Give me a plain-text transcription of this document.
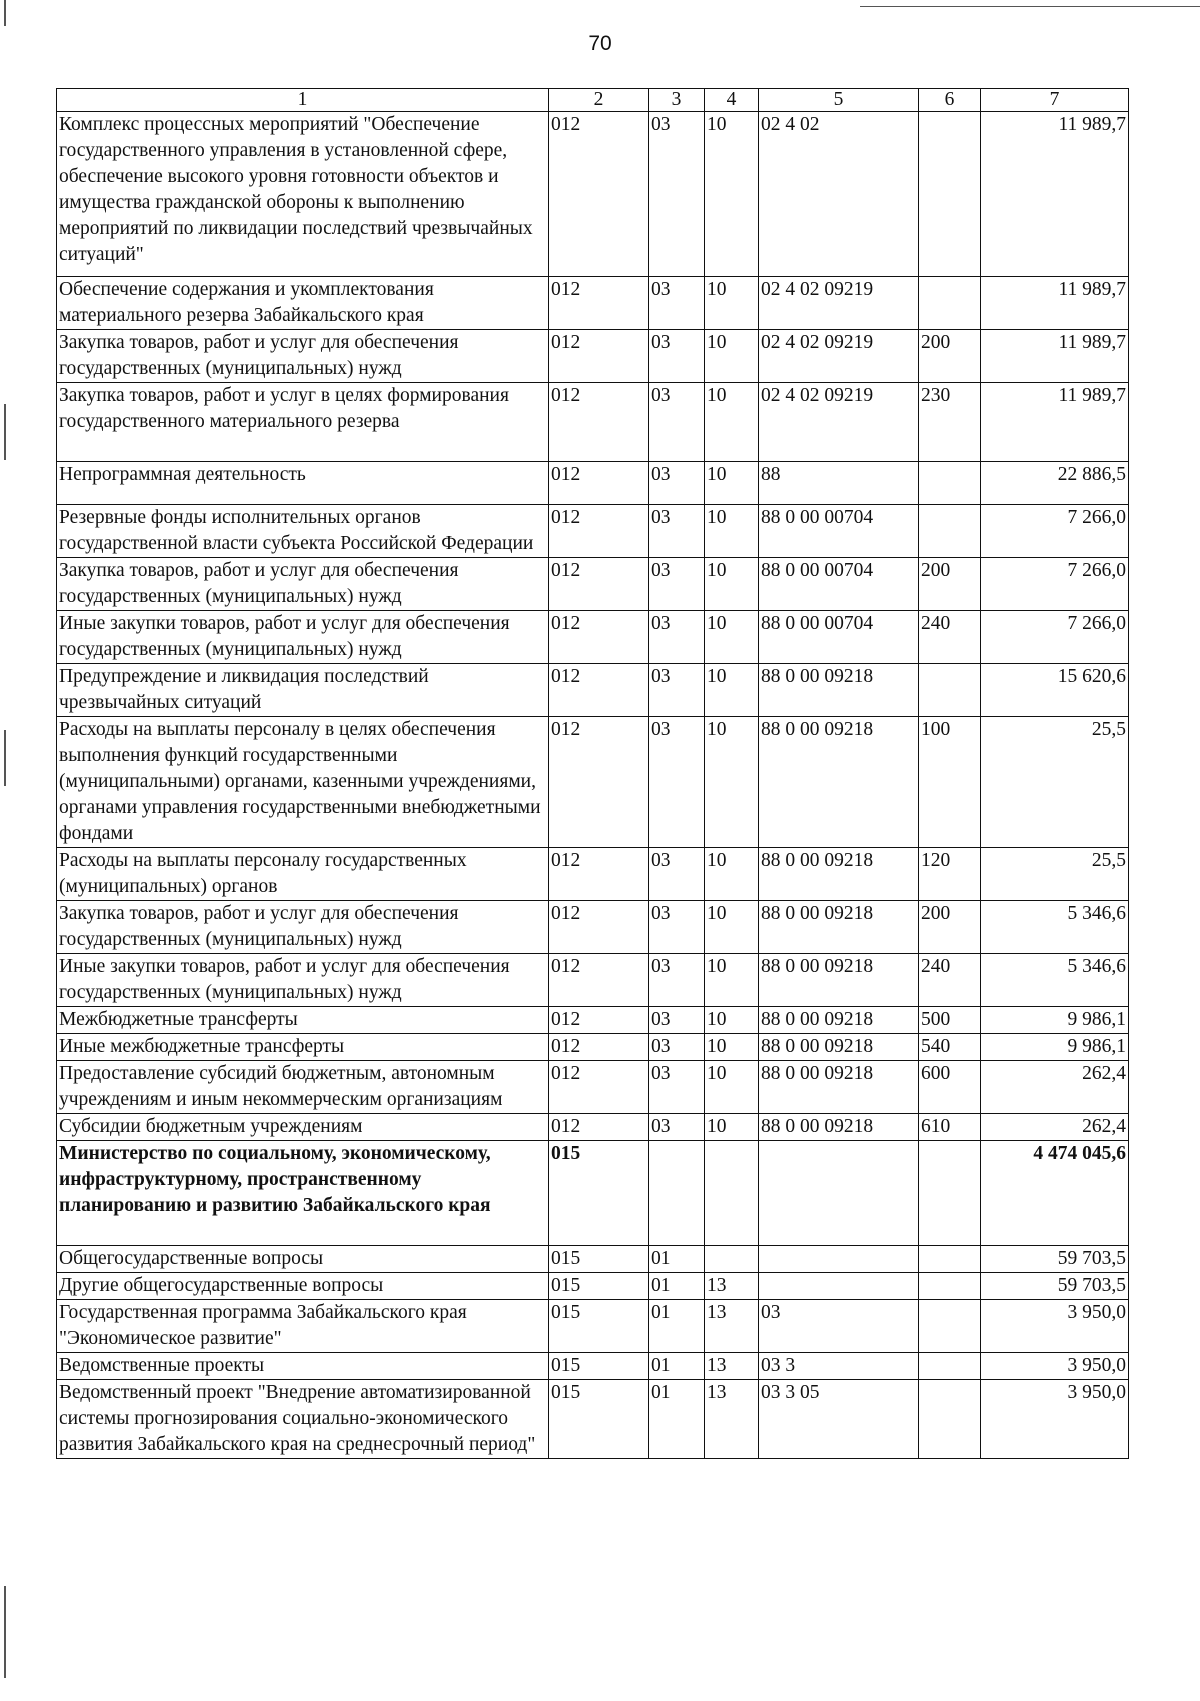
70
1	2	3	4	5	6	7
Комплекс процессных мероприятий "Обеспечение государственного управления в установленной сфере, обеспечение высокого уровня готовности объектов и имущества гражданской обороны к выполнению мероприятий по ликвидации последствий чрезвычайных ситуаций"	012	03	10	02 4 02		11 989,7
Обеспечение содержания и укомплектования материального резерва Забайкальского края	012	03	10	02 4 02 09219		11 989,7
Закупка товаров, работ и услуг для обеспечения государственных (муниципальных) нужд	012	03	10	02 4 02 09219	200	11 989,7
Закупка товаров, работ и услуг в целях формирования государственного материального резерва	012	03	10	02 4 02 09219	230	11 989,7
Непрограммная деятельность	012	03	10	88		22 886,5
Резервные фонды исполнительных органов государственной власти субъекта Российской Федерации	012	03	10	88 0 00 00704		7 266,0
Закупка товаров, работ и услуг для обеспечения государственных (муниципальных) нужд	012	03	10	88 0 00 00704	200	7 266,0
Иные закупки товаров, работ и услуг для обеспечения государственных (муниципальных) нужд	012	03	10	88 0 00 00704	240	7 266,0
Предупреждение и ликвидация последствий чрезвычайных ситуаций	012	03	10	88 0 00 09218		15 620,6
Расходы на выплаты персоналу в целях обеспечения выполнения функций государственными (муниципальными) органами, казенными учреждениями, органами управления государственными внебюджетными фондами	012	03	10	88 0 00 09218	100	25,5
Расходы на выплаты персоналу государственных (муниципальных) органов	012	03	10	88 0 00 09218	120	25,5
Закупка товаров, работ и услуг для обеспечения государственных (муниципальных) нужд	012	03	10	88 0 00 09218	200	5 346,6
Иные закупки товаров, работ и услуг для обеспечения государственных (муниципальных) нужд	012	03	10	88 0 00 09218	240	5 346,6
Межбюджетные трансферты	012	03	10	88 0 00 09218	500	9 986,1
Иные межбюджетные трансферты	012	03	10	88 0 00 09218	540	9 986,1
Предоставление субсидий бюджетным, автономным учреждениям и иным некоммерческим организациям	012	03	10	88 0 00 09218	600	262,4
Субсидии бюджетным учреждениям	012	03	10	88 0 00 09218	610	262,4
Министерство по социальному, экономическому, инфраструктурному, пространственному планированию и развитию Забайкальского края	015					4 474 045,6
Общегосударственные вопросы	015	01				59 703,5
Другие общегосударственные вопросы	015	01	13			59 703,5
Государственная программа Забайкальского края "Экономическое развитие"	015	01	13	03		3 950,0
Ведомственные проекты	015	01	13	03 3		3 950,0
Ведомственный проект "Внедрение автоматизированной системы прогнозирования социально-экономического развития Забайкальского края на среднесрочный период"	015	01	13	03 3 05		3 950,0
